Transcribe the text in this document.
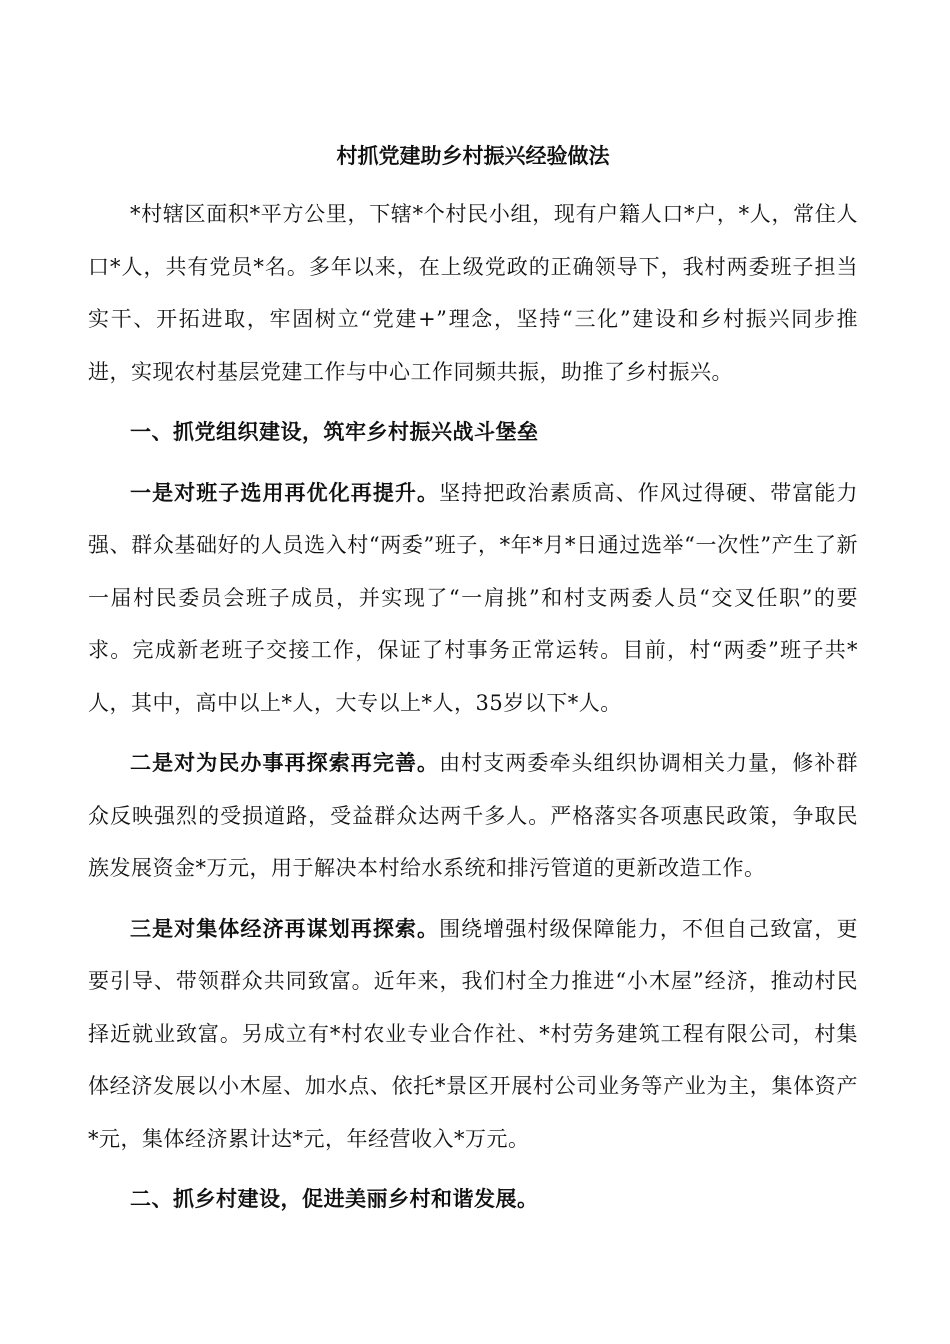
村抓党建助乡村振兴经验做法

*村辖区面积*平方公里，下辖*个村民小组，现有户籍人口*户，*人，常住人口*人，共有党员*名。多年以来，在上级党政的正确领导下，我村两委班子担当实干、开拓进取，牢固树立“党建+”理念，坚持“三化”建设和乡村振兴同步推进，实现农村基层党建工作与中心工作同频共振，助推了乡村振兴。

一、抓党组织建设，筑牢乡村振兴战斗堡垒

一是对班子选用再优化再提升。坚持把政治素质高、作风过得硬、带富能力强、群众基础好的人员选入村“两委”班子，*年*月*日通过选举“一次性”产生了新一届村民委员会班子成员，并实现了“一肩挑”和村支两委人员“交叉任职”的要求。完成新老班子交接工作，保证了村事务正常运转。目前，村“两委”班子共*人，其中，高中以上*人，大专以上*人，35岁以下*人。

二是对为民办事再探索再完善。由村支两委牵头组织协调相关力量，修补群众反映强烈的受损道路，受益群众达两千多人。严格落实各项惠民政策，争取民族发展资金*万元，用于解决本村给水系统和排污管道的更新改造工作。

三是对集体经济再谋划再探索。围绕增强村级保障能力，不但自己致富，更要引导、带领群众共同致富。近年来，我们村全力推进“小木屋”经济，推动村民择近就业致富。另成立有*村农业专业合作社、*村劳务建筑工程有限公司，村集体经济发展以小木屋、加水点、依托*景区开展村公司业务等产业为主，集体资产*元，集体经济累计达*元，年经营收入*万元。

二、抓乡村建设，促进美丽乡村和谐发展。
